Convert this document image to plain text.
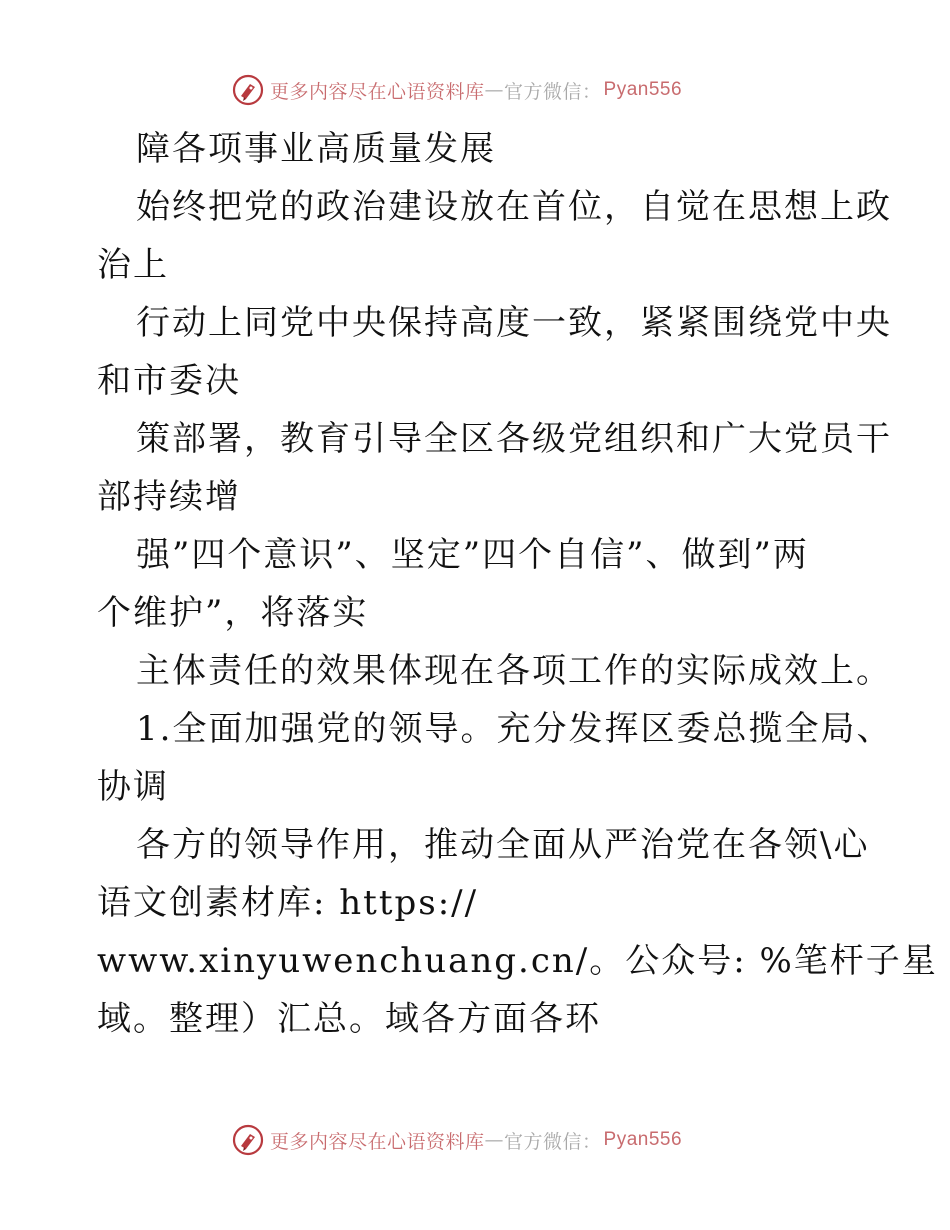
更多内容尽在心语资料库 — 官方微信： Pyan556
障各项事业高质量发展
始终把党的政治建设放在首位，自觉在思想上政
治上
行动上同党中央保持高度一致，紧紧围绕党中央
和市委决
策部署，教育引导全区各级党组织和广大党员干
部持续增
强”四个意识”、坚定”四个自信”、做到”两
个维护”，将落实
主体责任的效果体现在各项工作的实际成效上。
1.全面加强党的领导。充分发挥区委总揽全局、
协调
各方的领导作用，推动全面从严治党在各领\心
语文创素材库: https://
www.xinyuwenchuang.cn/。公众号: %笔杆子星
域。整理）汇总。域各方面各环
更多内容尽在心语资料库 — 官方微信： Pyan556
